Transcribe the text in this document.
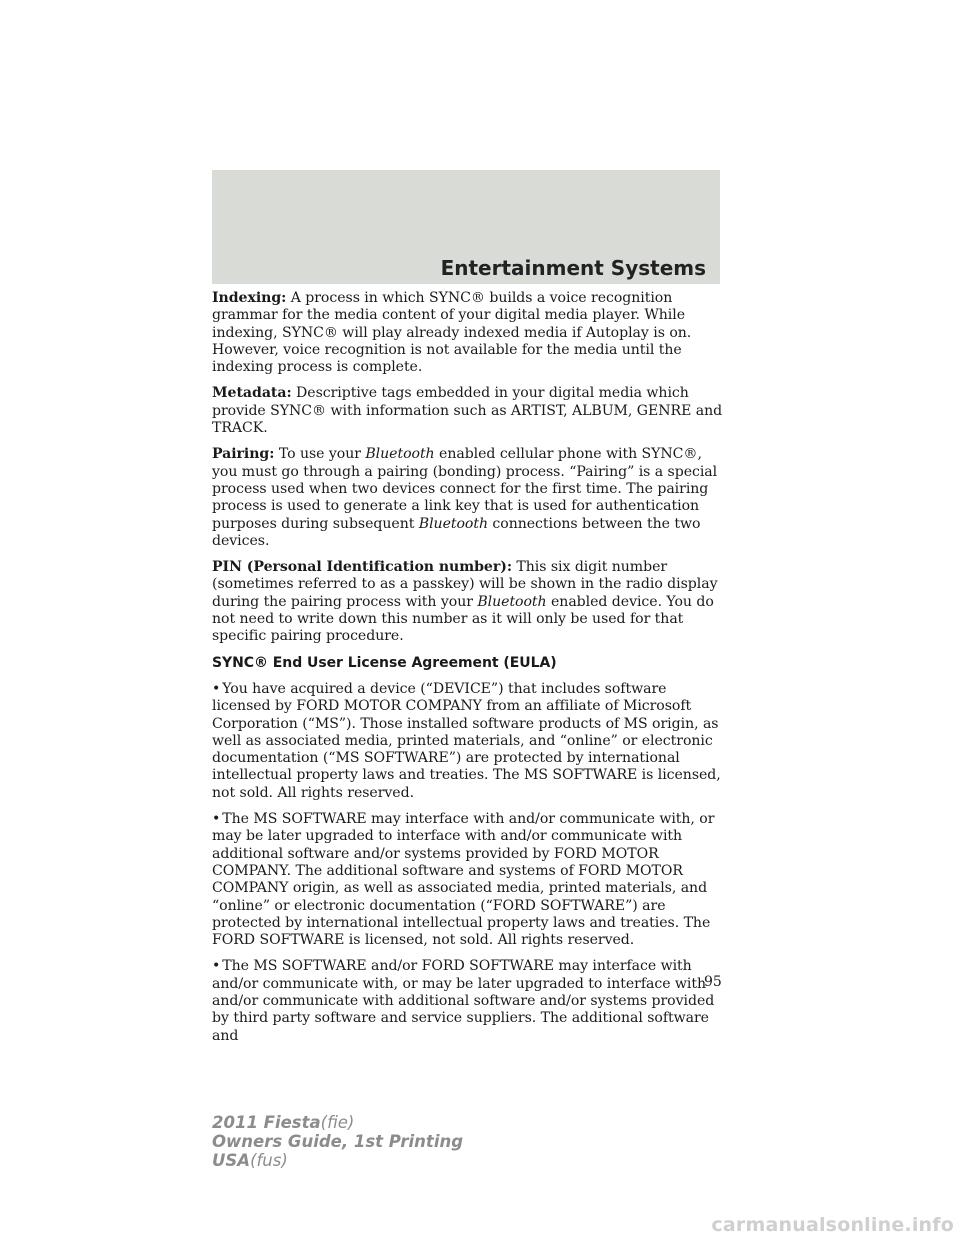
Entertainment Systems

Indexing: A process in which SYNC® builds a voice recognition grammar for the media content of your digital media player. While indexing, SYNC® will play already indexed media if Autoplay is on. However, voice recognition is not available for the media until the indexing process is complete.

Metadata: Descriptive tags embedded in your digital media which provide SYNC® with information such as ARTIST, ALBUM, GENRE and TRACK.

Pairing: To use your Bluetooth enabled cellular phone with SYNC®, you must go through a pairing (bonding) process. “Pairing” is a special process used when two devices connect for the first time. The pairing process is used to generate a link key that is used for authentication purposes during subsequent Bluetooth connections between the two devices.

PIN (Personal Identification number): This six digit number (sometimes referred to as a passkey) will be shown in the radio display during the pairing process with your Bluetooth enabled device. You do not need to write down this number as it will only be used for that specific pairing procedure.

SYNC® End User License Agreement (EULA)

• You have acquired a device (“DEVICE”) that includes software licensed by FORD MOTOR COMPANY from an affiliate of Microsoft Corporation (“MS”). Those installed software products of MS origin, as well as associated media, printed materials, and “online” or electronic documentation (“MS SOFTWARE”) are protected by international intellectual property laws and treaties. The MS SOFTWARE is licensed, not sold. All rights reserved.

• The MS SOFTWARE may interface with and/or communicate with, or may be later upgraded to interface with and/or communicate with additional software and/or systems provided by FORD MOTOR COMPANY. The additional software and systems of FORD MOTOR COMPANY origin, as well as associated media, printed materials, and “online” or electronic documentation (“FORD SOFTWARE”) are protected by international intellectual property laws and treaties. The FORD SOFTWARE is licensed, not sold. All rights reserved.

• The MS SOFTWARE and/or FORD SOFTWARE may interface with and/or communicate with, or may be later upgraded to interface with and/or communicate with additional software and/or systems provided by third party software and service suppliers. The additional software and

95
2011 Fiesta(fie)
Owners Guide, 1st Printing
USA(fus)
carmanualsonline.info
